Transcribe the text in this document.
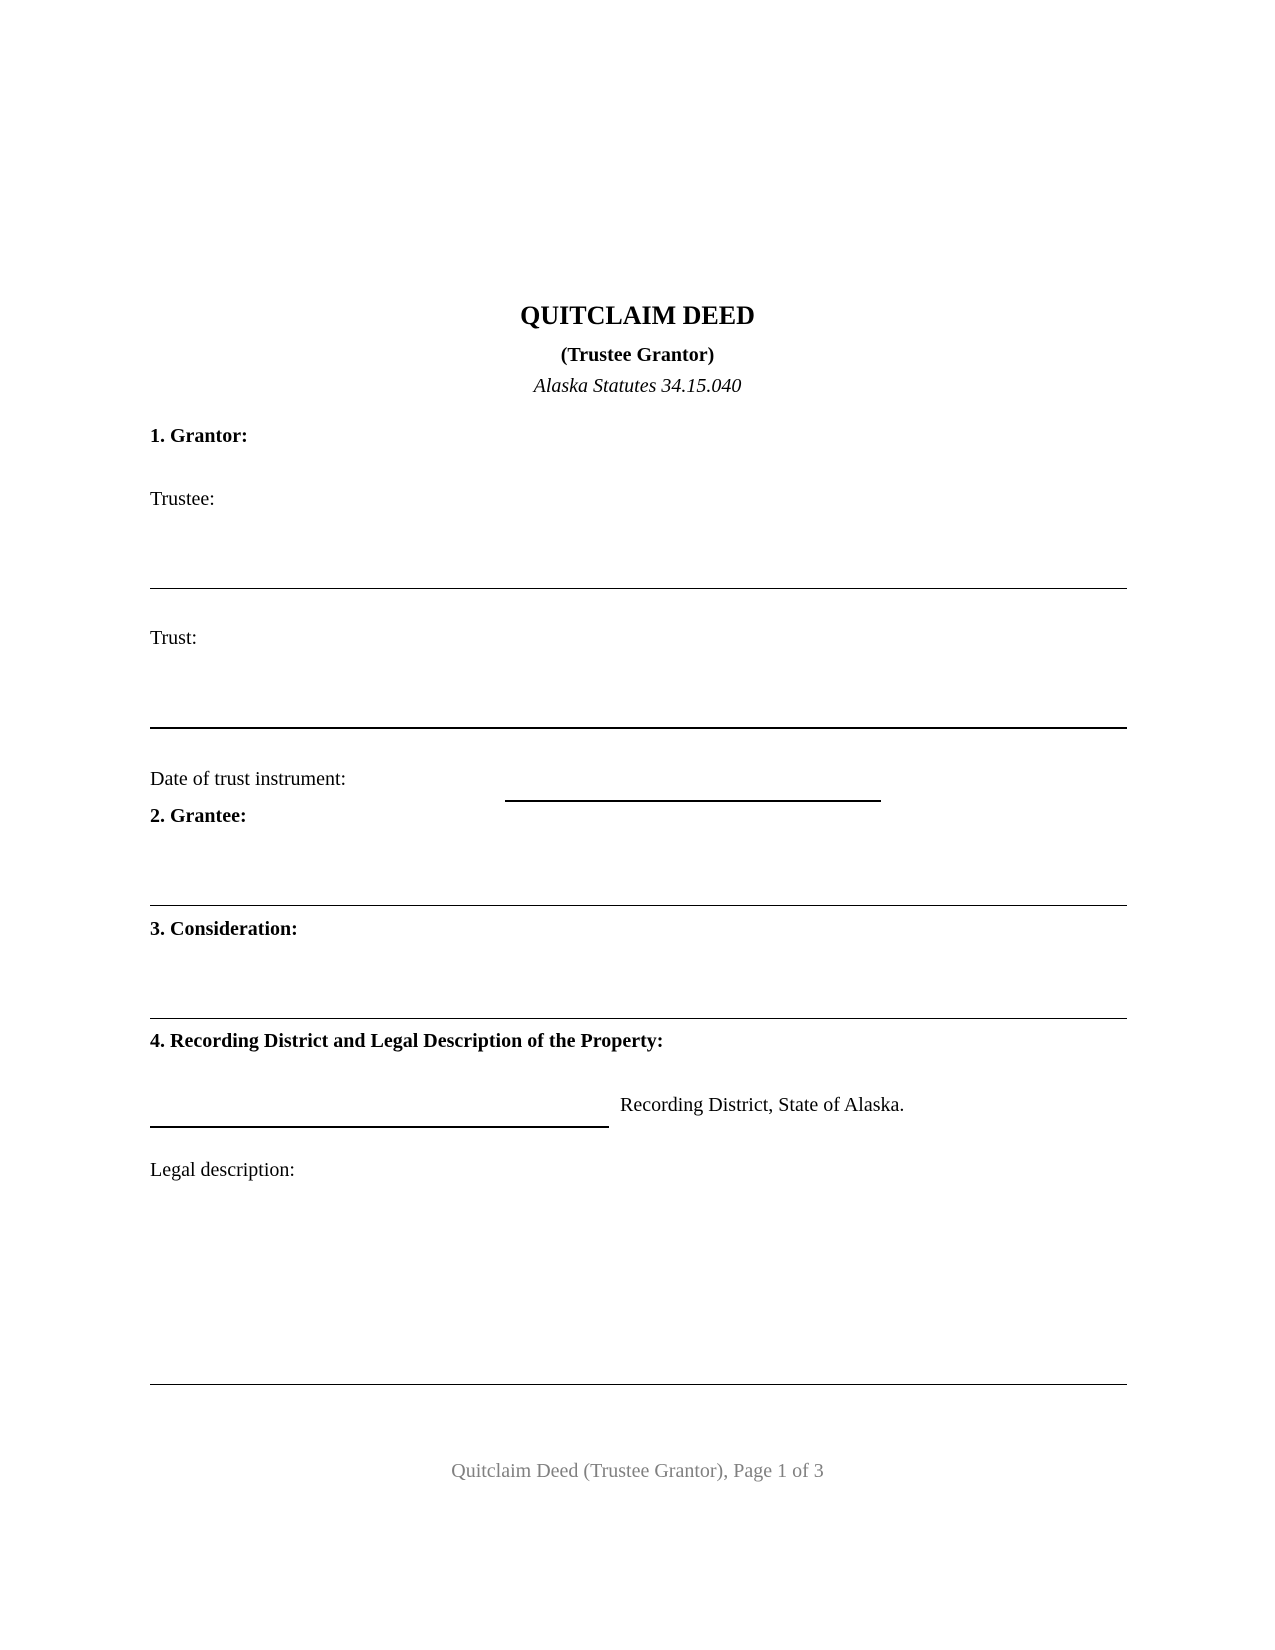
QUITCLAIM DEED
(Trustee Grantor)
Alaska Statutes 34.15.040
1. Grantor:
Trustee:
Trust:
Date of trust instrument:
2. Grantee:
3. Consideration:
4. Recording District and Legal Description of the Property:
Recording District, State of Alaska.
Legal description:
Quitclaim Deed (Trustee Grantor), Page 1 of 3
